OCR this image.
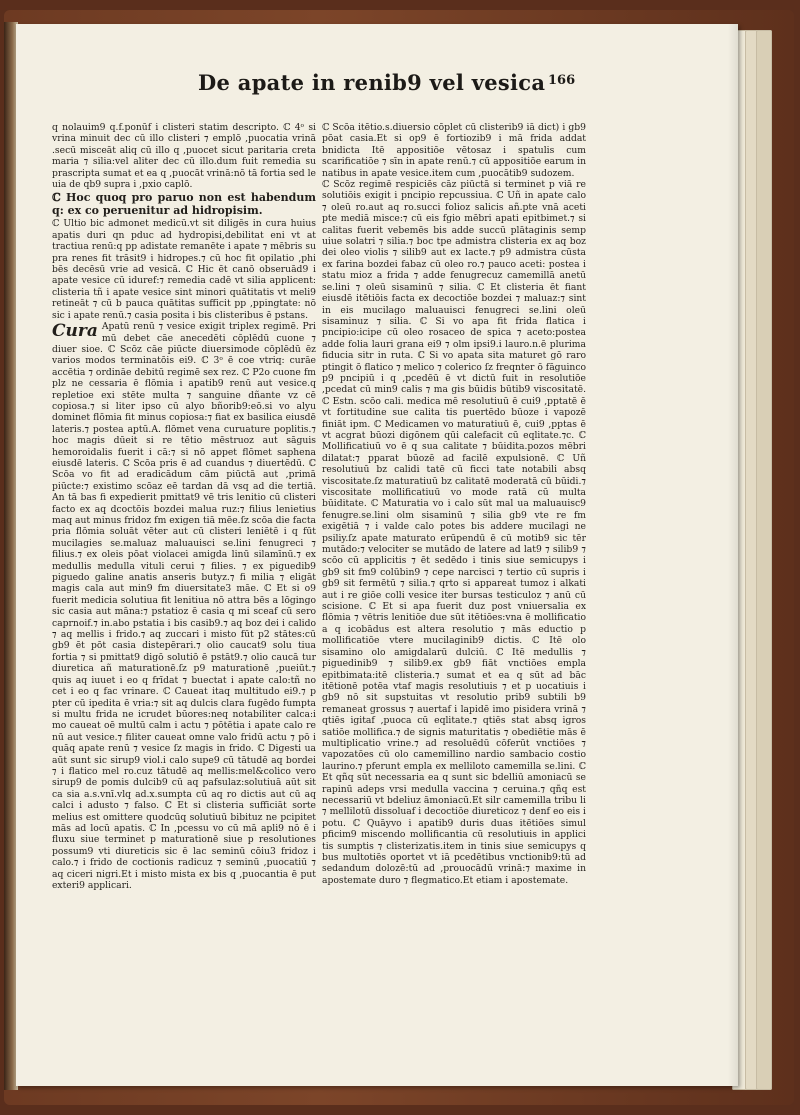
De apate in renib9 vel vesica 166

q nolauim9 q.f.ponūf i clisteri statim descripto. ℂ 4ᵒ si vrina minuit dec cū illo clisteri ⁊ emplō ,puocatia vrinā .secū misceāt aliq cū illo q ,puocet sicut paritaria creta maria ⁊ silia:vel aliter dec cū illo.dum fuit remedia su prascripta sumat et ea q ,puocāt vrinā:nō tā fortia sed le uia de qb9 supra i ,pxio caplō.

ℂ Hoc quoq pro paruo non est habendum q: ex co peruenitur ad hidropisim.

ℂ Ultio bic admonet medicū.vt sit diligēs in cura huius apatis duri qn pduc ad hydropisi,debilitat eni vt at tractiua renū:q pp adistate remanēte i apate ⁊ mēbris su pra renes fit trāsit9 i hidropes.⁊ cū hoc fit opilatio ,phi bēs decēsū vrie ad vesicā. ℂ Hic ēt canō obseruād9 i apate vesice cū iduref:⁊ remedia cadē vt silia applicent: clisteria tñ i apate vesice sint minori quātitatis vt meli9 retineāt ⁊ cū b pauca quātitas sufficit pp ,ppingtate: nō sic i apate renū.⁊ casia posita i bis clisteribus ē pstans.

Cura Apatū renū ⁊ vesice exigit triplex regimē. Pri mū debet cāe anecedēti cōplēdū cuone ⁊ diuer sioe. ℂ Scōz cāe piūcte diuersimode cōplēdū ēz varios modos terminatōis ei9. ℂ 3ᵒ ē coe vtriq: curāe accētia ⁊ ordināe debitū regimē sex rez. ℂ P2o cuone fm plz ne cessaria ē flōmia i apatib9 renū aut vesice.q repletioe exi stēte multa ⁊ sanguine dñante vz cē copiosa.⁊ si liter ipso cū alyo bñorib9:eō.si vo alyu dominet flōmia fit minus copiosa:⁊ fiat ex basilica eiusdē lateris.⁊ postea aptū.A. flōmet vena curuature poplitis.⁊ hoc magis dūeit si re tētio mēstruoz aut sāguis hemoroidalis fuerit i cā:⁊ si nō appet flōmet saphena eiusdē lateris. ℂ Scōa pris ē ad cuandus ⁊ diuertēdū. ℂ Scōa vo fit ad eradicādum cām piūctā aut ,primā piūcte:⁊ existimo scōaz eē tardan dā vsq ad die tertiā. An tā bas fi expedierit pmittat9 vē tris lenitio cū clisteri facto ex aq dcoctōis bozdei malua ruz:⁊ filius lenietius maq aut minus fridoz fm exigen tiā mēe.ſz scōa die facta pria flōmia soluāt vēter aut cū clisteri leniētē i q fūt mucilagies se.maluaz maluauisci se.lini fenugreci ⁊ filius.⁊ ex oleis pōat violacei amigda linū silamīnū.⁊ ex medullis medulla vituli cerui ⁊ filies. ⁊ ex piguedib9 piguedo galine anatis anseris butyz.⁊ fi milia ⁊ eligāt magis cala aut min9 fm diuersitate3 māe. ℂ Et si o9 fuerit medicia solutiua fit lenitiua nō attra bēs a lōgingo sic casia aut māna:⁊ pstatioz ē casia q mi sceaf cū sero caprnoif.⁊ in.abo pstatia i bis casib9.⁊ aq boz dei i calido ⁊ aq mellis i frido.⁊ aq zuccari i misto fūt p2 stātes:cū gb9 ēt pōt casia distepērari.⁊ olio caucat9 solu tiua fortia ⁊ si pmittat9 digō solutiō ē pstāt9.⁊ olio caucā tur diuretica añ maturationē.ſz p9 maturationē ,pueiūt.⁊ quis aq iuuet i eo q frīdat ⁊ buectat i apate calo:tñ no cet i eo q fac vrinare. ℂ Caueat itaq multitudo ei9.⁊ p pter cū ipedita ē vria:⁊ sit aq dulcis clara fugēdo fumpta si multu frida ne icrudet būores:neq notabiliter calca:i mo caueat oē multū calm i actu ⁊ pōtētia i apate calo re nū aut vesice.⁊ filiter caueat omne valo fridū actu ⁊ pō i quāq apate renū ⁊ vesice ſz magis in frido. ℂ Digesti ua aūt sunt sic sirup9 viol.i calo supe9 cū tātudē aq bordei ⁊ i flatico mel ro.cuz tātudē aq mellis:mel&colico vero sirup9 de pomis dulcib9 cū aq pafsulaz:solutiuā aūt sit ca sia a.s.vnī.vlq ad.x.sumpta cū aq ro dictis aut cū aq calci i adusto ⁊ falso. ℂ Et si clisteria sufficiāt sorte melius est omittere quodcūq solutiuū bibituz ne pcipitet mās ad locū apatis. ℂ In ,pcessu vo cū mā apli9 nō ē i fluxu siue terminet p maturationē siue p resolutiones possum9 vti diureticis sic ē lac seminū cōiu3 fridoz i calo.⁊ i frido de coctionis radicuz ⁊ seminū ,puocatiū ⁊ aq ciceri nigri.Et i misto mista ex bis q ,puocantia ē put exteri9 applicari.

ℂ Scōa itētio.s.diuersio cōplet cū clisterib9 iā dict) i gb9 pōat casia.Et si op9 ē fortiozib9 i mā frida addat bnidicta Itē appositiōe vētosaz i spatulis cum scarificatiōe ⁊ sīn in apate renū.⁊ cū appositiōe earum in natibus in apate vesice.item cum ,puocātib9 sudozem.

ℂ Scōz regimē respiciēs cāz piūctā si terminet p viā re solutiōis exigit i pncipio repcussiua. ℂ Uñ in apate calo ⁊ oleū ro.aut aq ro.succi folioz salicis añ.pte vnā aceti pte mediā misce:⁊ cū eis fgio mēbri apati epitbimet.⁊ si calitas fuerit vebemēs bis adde succū plātaginis semp uiue solatri ⁊ silia.⁊ boc tpe admistra clisteria ex aq boz dei oleo violis ⁊ silib9 aut ex lacte.⁊ p9 admistra cūsta ex farina bozdei fabaz cū oleo ro.⁊ pauco aceti: postea i statu mioz a frida ⁊ adde fenugrecuz camemillā anetū se.lini ⁊ oleū sisaminū ⁊ silia. ℂ Et clisteria ēt fiant eiusdē itētiōis facta ex decoctiōe bozdei ⁊ maluaz:⁊ sint in eis mucilago maluauisci fenugreci se.lini oleū sisaminuz ⁊ silia. ℂ Si vo apa fit frida flatica i pncipio:icipe cū oleo rosaceo de spica ⁊ aceto:postea adde folia lauri grana ei9 ⁊ olm ipsi9.i lauro.n.ē plurima fiducia sitr in ruta. ℂ Si vo apata sita maturet gō raro ptingit ō flatico ⁊ melico ⁊ colerico ſz freqnter ō fāguinco p9 pncipiū i q ,pcedēū ē vt dictū fuit in resolutiōe ,pcedat cū min9 calis ⁊ ma gis būidis būtib9 viscositatē. ℂ Estn. scōo cali. medica mē resolutiuū ē cui9 ,pptatē ē vt fortitudine sue calita tis puertēdo būoze i vapozē finiāt ipm. ℂ Medicamen vo maturatiuū ē, cui9 ,pptas ē vt acgrat būozi digōnem qūi calefacit cū eqlitate.⁊c. ℂ Mollificatiuū vo ē q sua calitate ⁊ būidita.pozos mēbri dilatat:⁊ pparat būozē ad facilē expulsionē. ℂ Uñ resolutiuū bz calidi tatē cū ficci tate notabili absq viscositate.ſz maturatiuū bz calitatē moderatā cū būidi.⁊ viscositate mollificatiuū vo mode ratā cū multa būiditate. ℂ Maturatia vo i calo sūt mal ua maluauisc9 fenugre.se.lini olm sisaminū ⁊ silia gb9 vte re fm exigētiā ⁊ i valde calo potes bis addere mucilagi ne psiliy.ſz apate maturato erūpendū ē cū motib9 sic tēr mutādo:⁊ velociter se mutādo de latere ad lat9 ⁊ silib9 ⁊ scōo cū applicitis ⁊ ēt sedēdo i tinis siue semicupys i gb9 sit fm9 colūbin9 ⁊ cepe narcisci ⁊ tertio cū supris i gb9 sit fermētū ⁊ silia.⁊ qrto si appareat tumoz i alkati aut i re giōe colli vesice iter bursas testiculoz ⁊ anū cū scisione. ℂ Et si apa fuerit duz post vniuersalia ex flōmia ⁊ vētris lenitiōe due sūt itētiōes:vna ē mollificatio a q icobādus est altera resolutio ⁊ mās eductio p mollificatiōe vtere mucilaginib9 dictis. ℂ Itē olo sisamino olo amigdalarū dulciū. ℂ Itē medullis ⁊ piguedinib9 ⁊ silib9.ex gb9 fiāt vnctiōes empla epitbimata:itē clisteria.⁊ sumat et ea q sūt ad bāc itētionē potēa vtaf magis resolutiuis ⁊ et p uocatiuis i gb9 nō sit supstuitas vt resolutio prib9 subtili b9 remaneat grossus ⁊ auertaf i lapidē imo pisidera vrinā ⁊ qtiēs igitaf ,puoca cū eqlitate.⁊ qtiēs stat absq igros satiōe mollifica.⁊ de signis maturitatis ⁊ obediētie mās ē multiplicatio vrine.⁊ ad resoluēdū cōferūt vnctiōes ⁊ vapozatōes cū olo camemillino nardio sambacio costio laurino.⁊ pferunt empla ex melliloto camemilla se.lini. ℂ Et qñq sūt necessaria ea q sunt sic bdelliū amoniacū se rapinū adeps vrsi medulla vaccina ⁊ ceruina.⁊ qñq est necessariū vt bdeliuz āmoniacū.Et silr camemilla tribu li ⁊ mellilotū dissoluaf i decoctiōe diureticoz ⁊ denf eo eis i potu. ℂ Quāyvo i apatib9 duris duas itētiōes simul pficim9 miscendo mollificantia cū resolutiuis in applici tis sumptis ⁊ clisterizatis.item in tinis siue semicupys q bus multotiēs oportet vt iā pcedētibus vnctionib9:tū ad sedandum dolozē:tū ad ,prouocādū vrinā:⁊ maxime in apostemate duro ⁊ flegmatico.Et etiam i apostemate.
